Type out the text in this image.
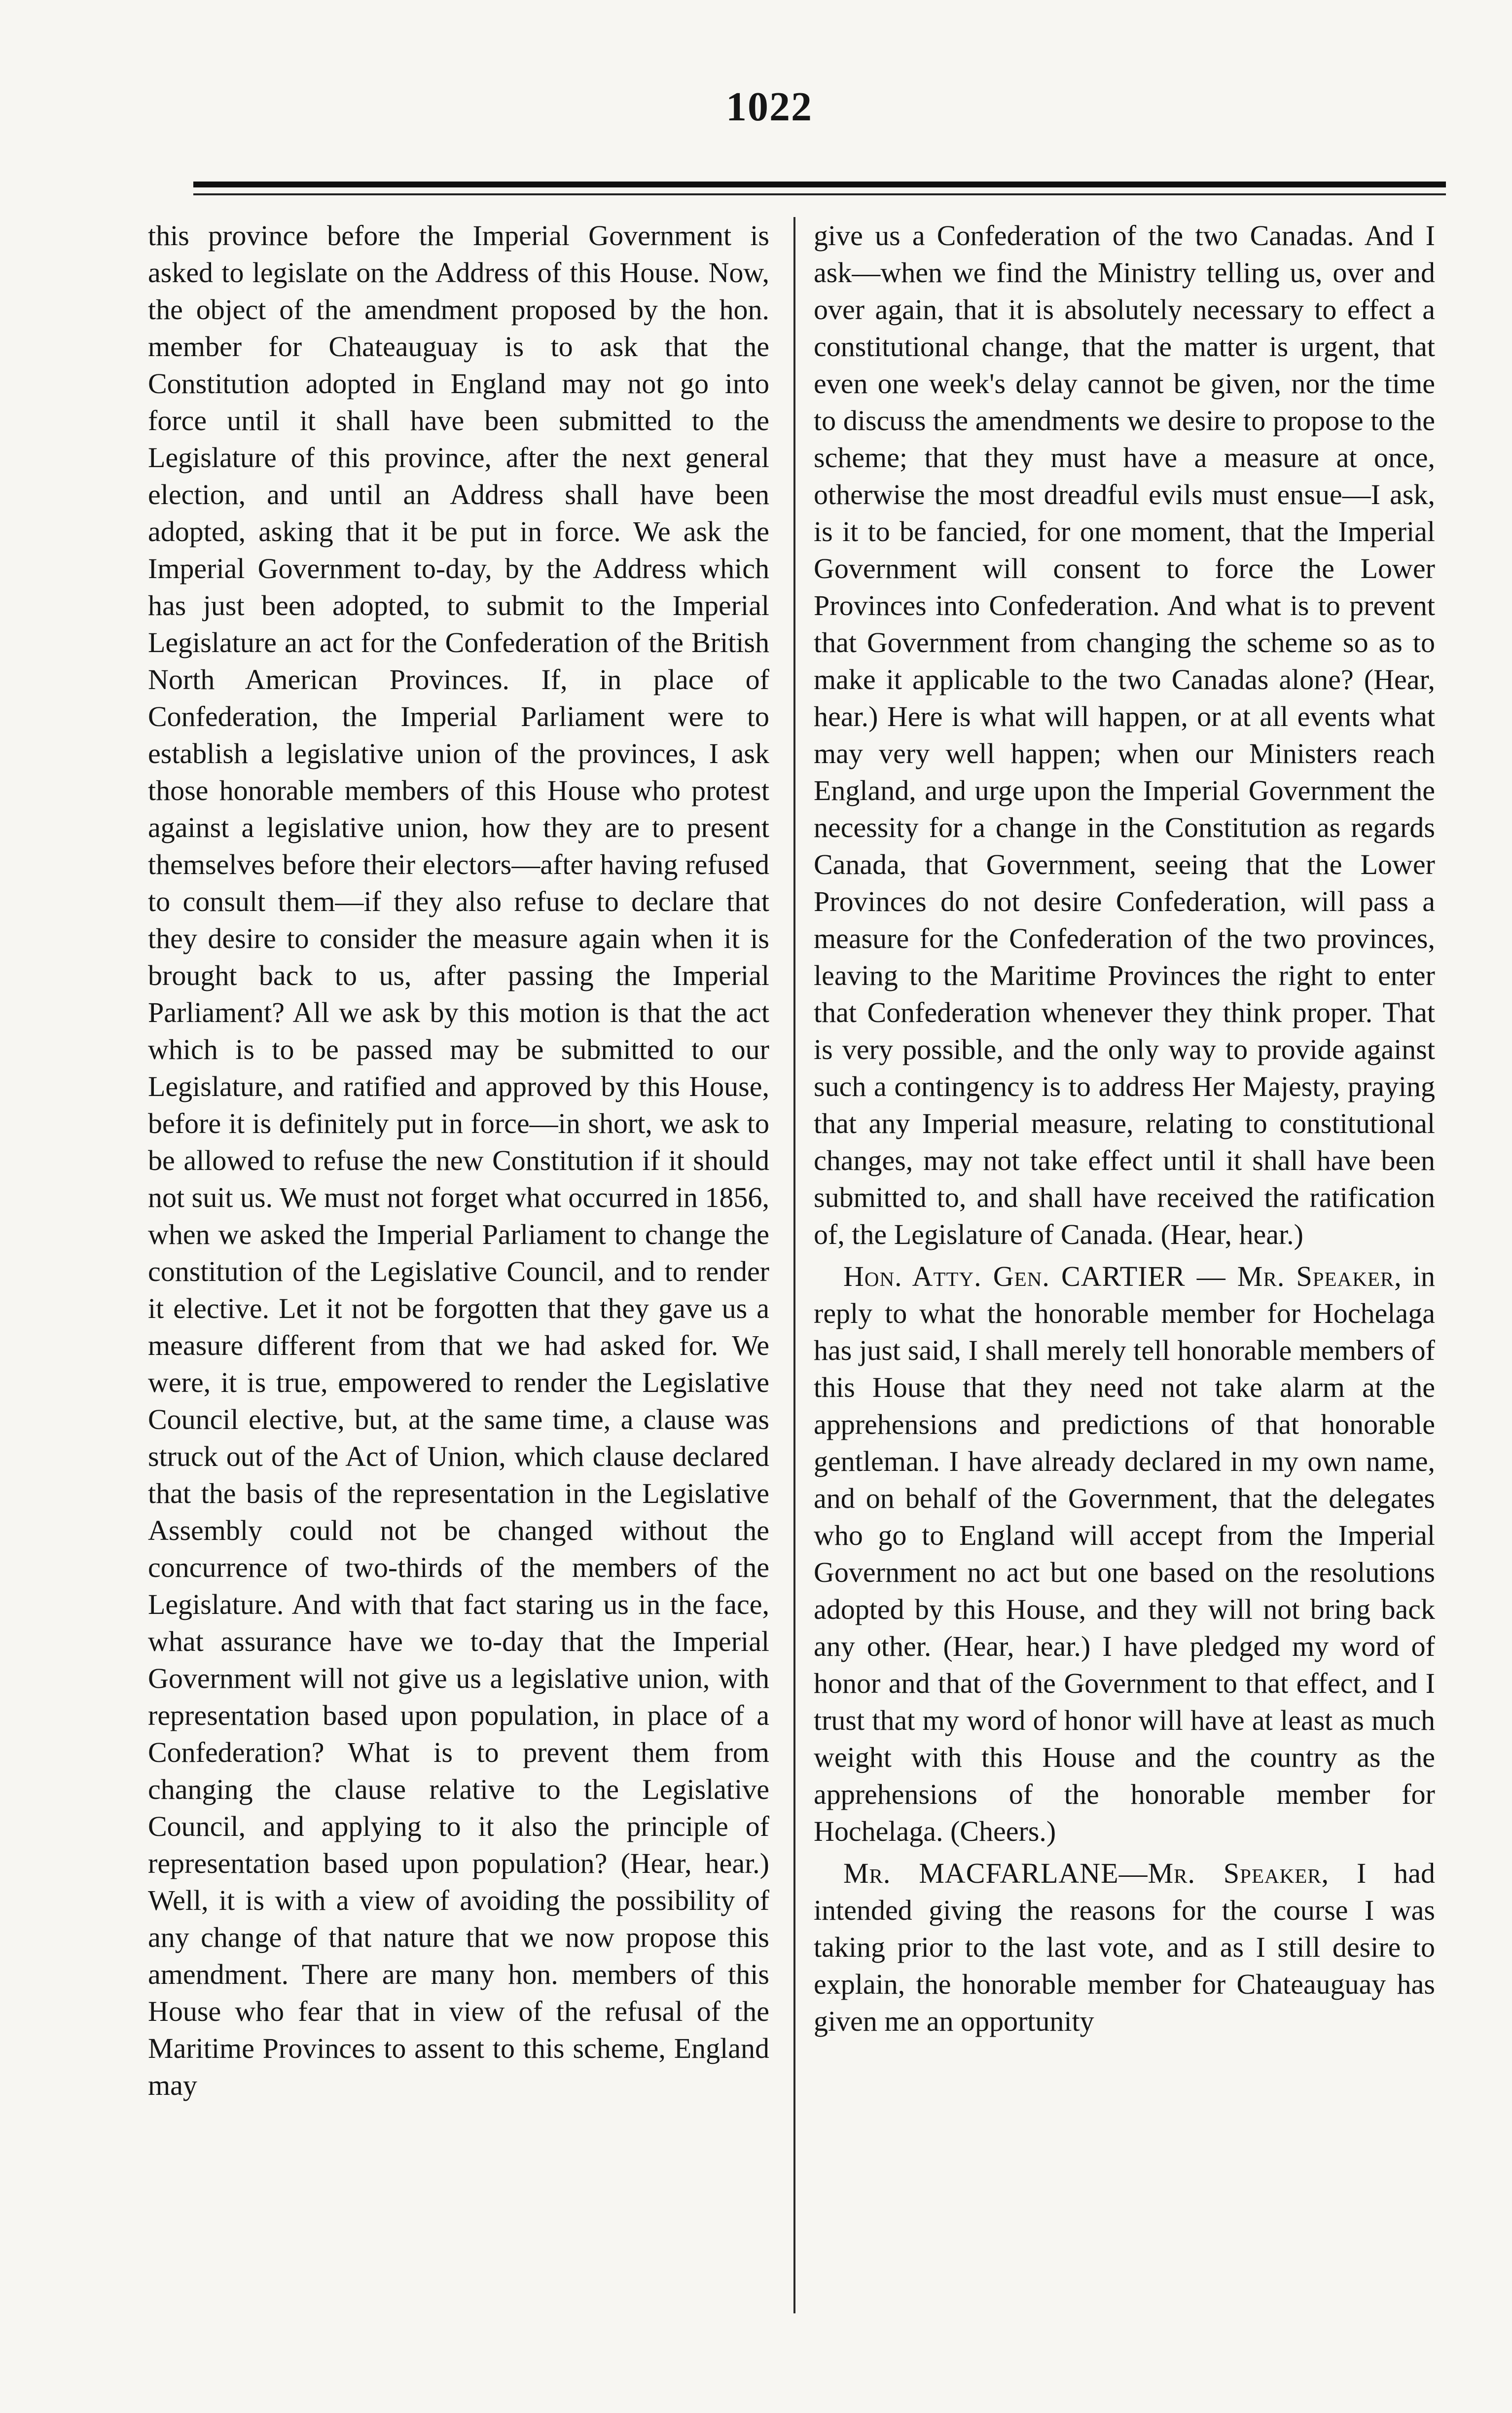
1022

this province before the Imperial Government is asked to legislate on the Address of this House. Now, the object of the amendment proposed by the hon. member for Chateauguay is to ask that the Constitution adopted in England may not go into force until it shall have been submitted to the Legislature of this province, after the next general election, and until an Address shall have been adopted, asking that it be put in force. We ask the Imperial Government to-day, by the Address which has just been adopted, to submit to the Imperial Legislature an act for the Confederation of the British North American Provinces. If, in place of Confederation, the Imperial Parliament were to establish a legislative union of the provinces, I ask those honorable members of this House who protest against a legislative union, how they are to present themselves before their electors—after having refused to consult them—if they also refuse to declare that they desire to consider the measure again when it is brought back to us, after passing the Imperial Parliament? All we ask by this motion is that the act which is to be passed may be submitted to our Legislature, and ratified and approved by this House, before it is definitely put in force—in short, we ask to be allowed to refuse the new Constitution if it should not suit us. We must not forget what occurred in 1856, when we asked the Imperial Parliament to change the constitution of the Legislative Council, and to render it elective. Let it not be forgotten that they gave us a measure different from that we had asked for. We were, it is true, empowered to render the Legislative Council elective, but, at the same time, a clause was struck out of the Act of Union, which clause declared that the basis of the representation in the Legislative Assembly could not be changed without the concurrence of two-thirds of the members of the Legislature. And with that fact staring us in the face, what assurance have we to-day that the Imperial Government will not give us a legislative union, with representation based upon population, in place of a Confederation? What is to prevent them from changing the clause relative to the Legislative Council, and applying to it also the principle of representation based upon population? (Hear, hear.) Well, it is with a view of avoiding the possibility of any change of that nature that we now propose this amendment. There are many hon. members of this House who fear that in view of the refusal of the Maritime Provinces to assent to this scheme, England may

give us a Confederation of the two Canadas. And I ask—when we find the Ministry telling us, over and over again, that it is absolutely necessary to effect a constitutional change, that the matter is urgent, that even one week's delay cannot be given, nor the time to discuss the amendments we desire to propose to the scheme; that they must have a measure at once, otherwise the most dreadful evils must ensue—I ask, is it to be fancied, for one moment, that the Imperial Government will consent to force the Lower Provinces into Confederation. And what is to prevent that Government from changing the scheme so as to make it applicable to the two Canadas alone? (Hear, hear.) Here is what will happen, or at all events what may very well happen; when our Ministers reach England, and urge upon the Imperial Government the necessity for a change in the Constitution as regards Canada, that Government, seeing that the Lower Provinces do not desire Confederation, will pass a measure for the Confederation of the two provinces, leaving to the Maritime Provinces the right to enter that Confederation whenever they think proper. That is very possible, and the only way to provide against such a contingency is to address Her Majesty, praying that any Imperial measure, relating to constitutional changes, may not take effect until it shall have been submitted to, and shall have received the ratification of, the Legislature of Canada. (Hear, hear.)

Hon. Atty. Gen. CARTIER — Mr. Speaker, in reply to what the honorable member for Hochelaga has just said, I shall merely tell honorable members of this House that they need not take alarm at the apprehensions and predictions of that honorable gentleman. I have already declared in my own name, and on behalf of the Government, that the delegates who go to England will accept from the Imperial Government no act but one based on the resolutions adopted by this House, and they will not bring back any other. (Hear, hear.) I have pledged my word of honor and that of the Government to that effect, and I trust that my word of honor will have at least as much weight with this House and the country as the apprehensions of the honorable member for Hochelaga. (Cheers.)

Mr. MACFARLANE—Mr. Speaker, I had intended giving the reasons for the course I was taking prior to the last vote, and as I still desire to explain, the honorable member for Chateauguay has given me an opportunity
